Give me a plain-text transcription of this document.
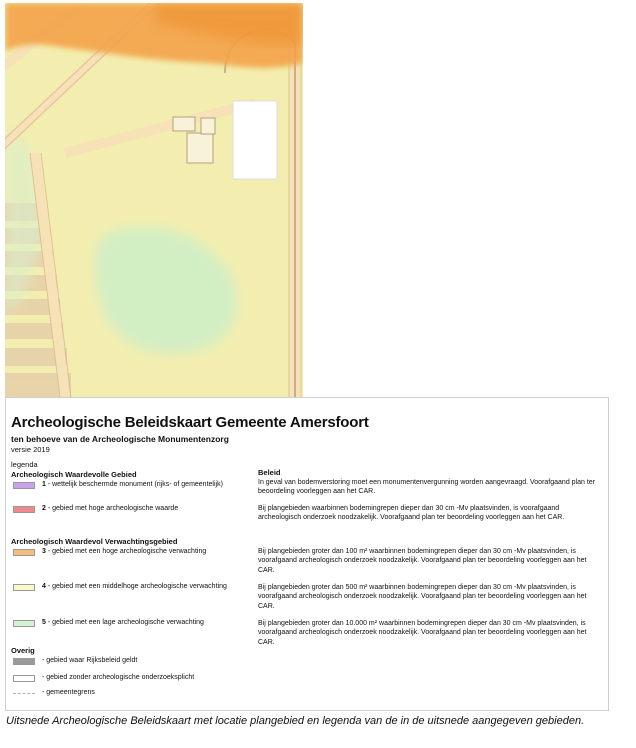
Archeologische Beleidskaart Gemeente Amersfoort
ten behoeve van de Archeologische Monumentenzorg
versie 2019
legenda
Archeologisch Waardevolle Gebied	Beleid
1 - wettelijk beschermde monument (rijks- of gemeentelijk)	In geval van bodemverstoring moet een monumentenvergunning worden aangevraagd. Voorafgaand plan ter beoordeling voorleggen aan het CAR.
2 - gebied met hoge archeologische waarde	Bij plangebieden waarbinnen bodemingrepen dieper dan 30 cm -Mv plaatsvinden, is voorafgaand archeologisch onderzoek noodzakelijk. Voorafgaand plan ter beoordeling voorleggen aan het CAR.
Archeologisch Waardevol Verwachtingsgebied
3 - gebied met een hoge archeologische verwachting	Bij plangebieden groter dan 100 m² waarbinnen bodemingrepen dieper dan 30 cm -Mv plaatsvinden, is voorafgaand archeologisch onderzoek noodzakelijk. Voorafgaand plan ter beoordeling voorleggen aan het CAR.
4 - gebied met een middelhoge archeologische verwachting	Bij plangebieden groter dan 500 m² waarbinnen bodemingrepen dieper dan 30 cm -Mv plaatsvinden, is voorafgaand archeologisch onderzoek noodzakelijk. Voorafgaand plan ter beoordeling voorleggen aan het CAR.
5 - gebied met een lage archeologische verwachting	Bij plangebieden groter dan 10.000 m² waarbinnen bodemingrepen dieper dan 30 cm -Mv plaatsvinden, is voorafgaand archeologisch onderzoek noodzakelijk. Voorafgaand plan ter beoordeling voorleggen aan het CAR.
Overig
- gebied waar Rijksbeleid geldt
- gebied zonder archeologische onderzoeksplicht
- gemeentegrens
Uitsnede Archeologische Beleidskaart met locatie plangebied en legenda van de in de uitsnede aangegeven gebieden.
